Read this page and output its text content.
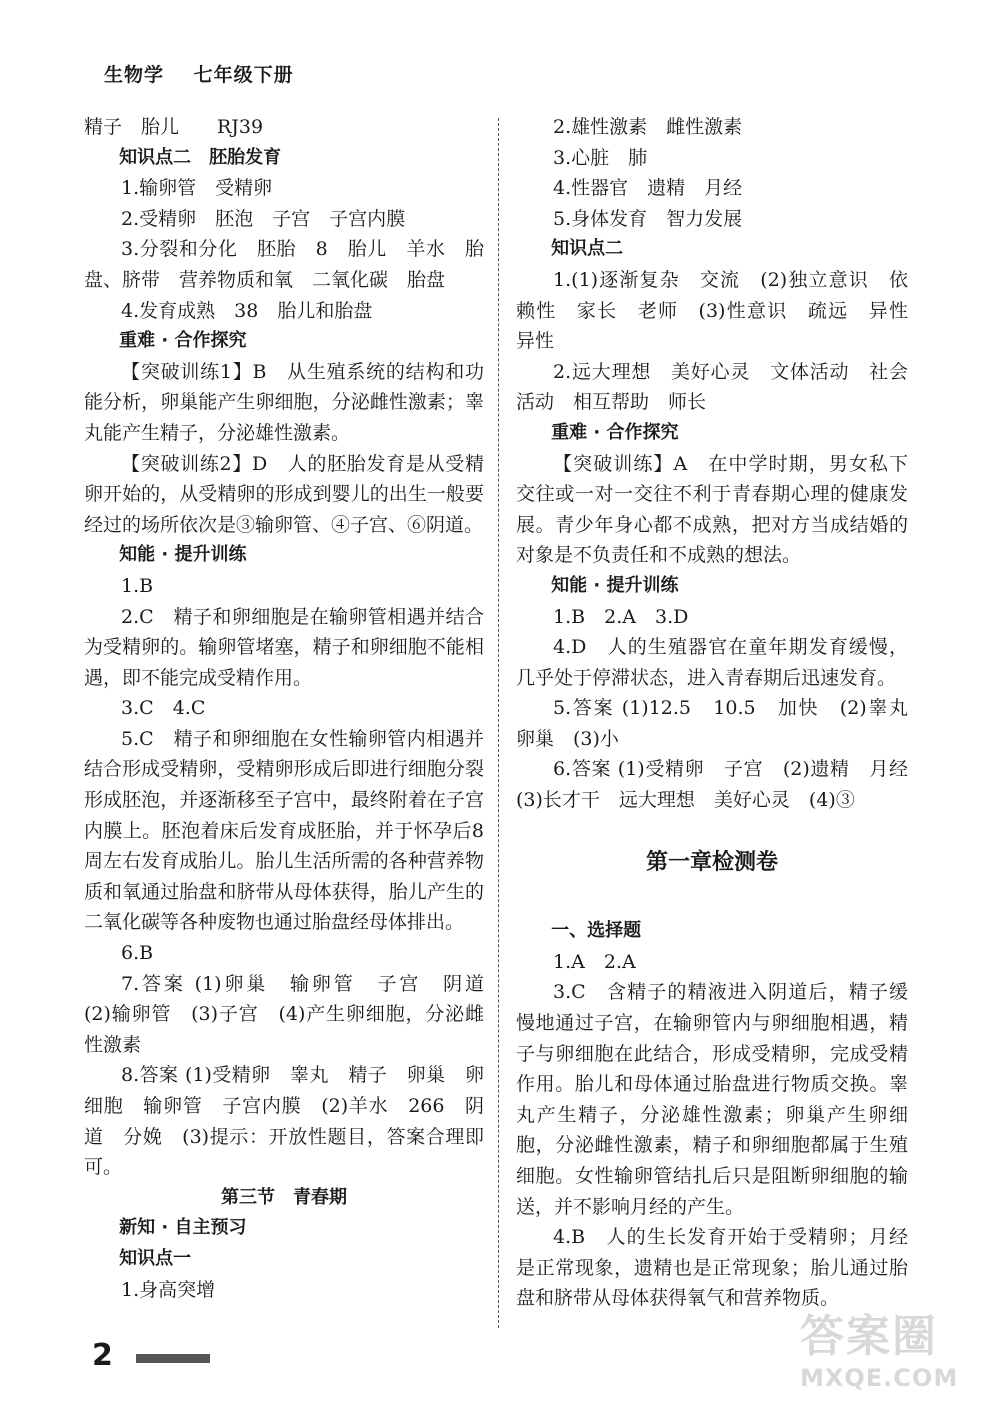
生物学 七年级下册
精子　胎儿　　RJ39
知识点二　胚胎发育
1.输卵管　受精卵
2.受精卵　胚泡　子宫　子宫内膜
3.分裂和分化　胚胎　8　胎儿　羊水　胎盘、脐带　营养物质和氧　二氧化碳　胎盘
4.发育成熟　38　胎儿和胎盘
重难 · 合作探究
【突破训练1】B　从生殖系统的结构和功能分析，卵巢能产生卵细胞，分泌雌性激素；睾丸能产生精子，分泌雄性激素。
【突破训练2】D　人的胚胎发育是从受精卵开始的，从受精卵的形成到婴儿的出生一般要经过的场所依次是③输卵管、④子宫、⑥阴道。
知能 · 提升训练
1.B
2.C　精子和卵细胞是在输卵管相遇并结合为受精卵的。输卵管堵塞，精子和卵细胞不能相遇，即不能完成受精作用。
3.C　4.C
5.C　精子和卵细胞在女性输卵管内相遇并结合形成受精卵，受精卵形成后即进行细胞分裂形成胚泡，并逐渐移至子宫中，最终附着在子宫内膜上。胚泡着床后发育成胚胎，并于怀孕后8周左右发育成胎儿。胎儿生活所需的各种营养物质和氧通过胎盘和脐带从母体获得，胎儿产生的二氧化碳等各种废物也通过胎盘经母体排出。
6.B
7.答案 (1)卵巢　输卵管　子宫　阴道　(2)输卵管　(3)子宫　(4)产生卵细胞，分泌雌性激素
8.答案 (1)受精卵　睾丸　精子　卵巢　卵细胞　输卵管　子宫内膜　(2)羊水　266　阴道　分娩　(3)提示：开放性题目，答案合理即可。
第三节　青春期
新知 · 自主预习
知识点一
1.身高突增
2.雄性激素　雌性激素
3.心脏　肺
4.性器官　遗精　月经
5.身体发育　智力发展
知识点二
1.(1)逐渐复杂　交流　(2)独立意识　依赖性　家长　老师　(3)性意识　疏远　异性　异性
2.远大理想　美好心灵　文体活动　社会活动　相互帮助　师长
重难 · 合作探究
【突破训练】A　在中学时期，男女私下交往或一对一交往不利于青春期心理的健康发展。青少年身心都不成熟，把对方当成结婚的对象是不负责任和不成熟的想法。
知能 · 提升训练
1.B　2.A　3.D
4.D　人的生殖器官在童年期发育缓慢，几乎处于停滞状态，进入青春期后迅速发育。
5.答案 (1)12.5　10.5　加快　(2)睾丸　卵巢　(3)小
6.答案 (1)受精卵　子宫　(2)遗精　月经　(3)长才干　远大理想　美好心灵　(4)③
第一章检测卷
一、选择题
1.A　2.A
3.C　含精子的精液进入阴道后，精子缓慢地通过子宫，在输卵管内与卵细胞相遇，精子与卵细胞在此结合，形成受精卵，完成受精作用。胎儿和母体通过胎盘进行物质交换。睾丸产生精子，分泌雄性激素；卵巢产生卵细胞，分泌雌性激素，精子和卵细胞都属于生殖细胞。女性输卵管结扎后只是阻断卵细胞的输送，并不影响月经的产生。
4.B　人的生长发育开始于受精卵；月经是正常现象，遗精也是正常现象；胎儿通过胎盘和脐带从母体获得氧气和营养物质。
2	答案圈
MXQE.COM
